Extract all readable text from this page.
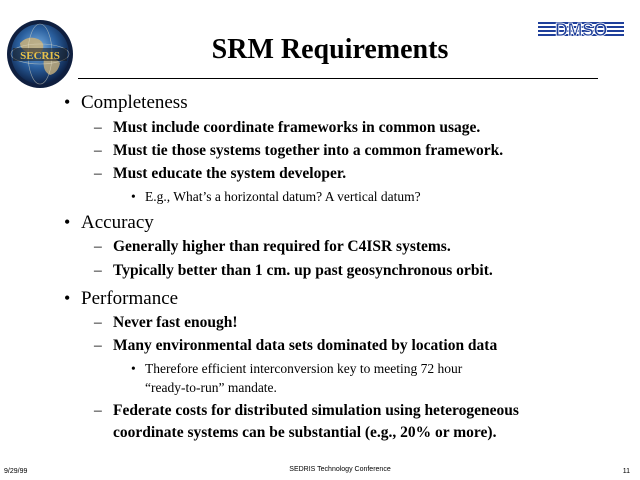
SECRIS
DMSO
SRM Requirements
• Completeness
– Must include coordinate frameworks in common usage.
– Must tie those systems together into a common framework.
– Must educate the system developer.
• E.g., What’s a horizontal datum? A vertical datum?
• Accuracy
– Generally higher than required for C4ISR systems.
– Typically better than 1 cm. up past geosynchronous orbit.
• Performance
– Never fast enough!
– Many environmental data sets dominated by location data
• Therefore efficient interconversion key to meeting 72 hour
“ready-to-run” mandate.
– Federate costs for distributed simulation using heterogeneous
coordinate systems can be substantial (e.g., 20% or more).
9/29/99	SEDRIS Technology Conference	11
